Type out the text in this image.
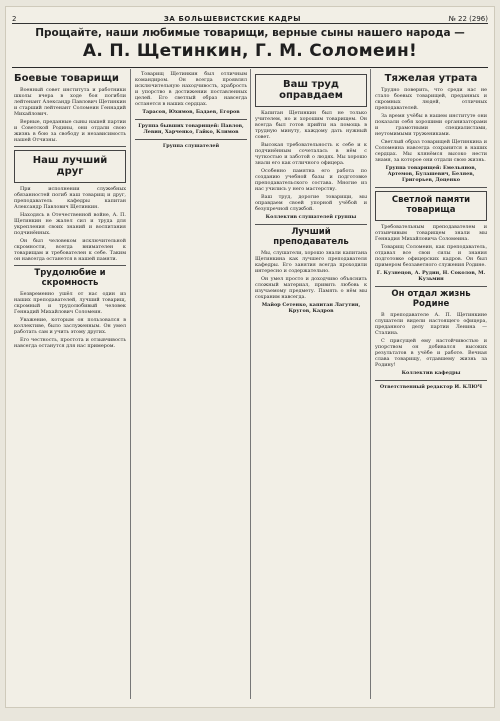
2	ЗА БОЛЬШЕВИСТСКИЕ КАДРЫ	№ 22 (296)
Прощайте, наши любимые товарищи, верные сыны нашего народа —
А. П. Щетинкин, Г. М. Соломеин!
Боевые товарищи

Военный совет института и работники школы вчера в ходе боя погибли лейтенант Александр Павлович Щетинкин и старший лейтенант Соломеин Геннадий Михайлович.

Верные, преданные сыны нашей партии и Советской Родины, они отдали свою жизнь в бою за свободу и независимость нашей Отчизны.

Наш лучший друг

При исполнении служебных обязанностей погиб наш товарищ и друг, преподаватель кафедры капитан Александр Павлович Щетинкин.

Находясь в Отечественной войне, А. П. Щетинкин не жалел сил и труда для укрепления своих знаний и воспитания подчинённых.

Он был человеком исключительной скромности, всегда внимателен к товарищам и требователен к себе. Таким он навсегда останется в нашей памяти.

Трудолюбие и скромность

Безвременно ушёл от нас один из наших преподавателей, лучший товарищ, скромный и трудолюбивый человек Геннадий Михайлович Соломеин.

Уважение, которым он пользовался в коллективе, было заслуженным. Он умел работать сам и учить этому других.

Его честность, простота и отзывчивость навсегда останутся для нас примером.

Товарищ Щетинкин был отличным командиром. Он всегда проявлял исключительную находчивость, храбрость и упорство в достижении поставленных целей. Его светлый образ навсегда останется в наших сердцах.

Тарасов, Юхимов, Бадаев, Егоров

Группа бывших товарищей: Павлов, Левин, Харченко, Гайко, Климов

Группа слушателей

Ваш труд оправдаем

Капитан Щетинкин был не только учителем, но и хорошим товарищем. Он всегда был готов прийти на помощь в трудную минуту, каждому дать нужный совет.

Высокая требовательность к себе и к подчинённым сочеталась в нём с чуткостью и заботой о людях. Мы хорошо знали его как отличного офицера.

Особенно памятна его работа по созданию учебной базы и подготовке преподавательского состава. Многие из нас учились у него мастерству.

Ваш труд, дорогие товарищи, мы оправдаем своей упорной учёбой и безупречной службой.

Коллектив слушателей группы

Лучший преподаватель

Мы, слушатели, хорошо знали капитана Щетинкина как лучшего преподавателя кафедры. Его занятия всегда проходили интересно и содержательно.

Он умел просто и доходчиво объяснить сложный материал, привить любовь к изучаемому предмету. Память о нём мы сохраним навсегда.

Майор Сетенко, капитан Лагутин, Кругов, Кадров

Тяжелая утрата

Трудно поверить, что среди нас не стало боевых товарищей, преданных и скромных людей, отличных преподавателей.

За время учёбы в нашем институте они показали себя хорошими организаторами и грамотными специалистами, неутомимыми тружениками.

Светлый образ товарищей Щетинкина и Соломеина навсегда сохранится в наших сердцах. Мы клянёмся высоко нести знамя, за которое они отдали свою жизнь.

Группа товарищей: Емельянов, Артемов, Булашевич, Беляев, Григорьев, Доценко

Светлой памяти товарища

Требовательным преподавателем и отзывчивым товарищем знали мы Геннадия Михайловича Соломеина.

Товарищ Соломеин, как преподаватель, отдавал все свои силы и знания подготовке офицерских кадров. Он был примером беззаветного служения Родине.

Г. Кузнецов, А. Рудин, Н. Соколов, М. Кузьмин

Он отдал жизнь Родине

В преподавателе А. П. Щетинкине слушатели видели настоящего офицера, преданного делу партии Ленина — Сталина.

С присущей ему настойчивостью и упорством он добивался высоких результатов в учёбе и работе. Вечная слава товарищу, отдавшему жизнь за Родину!

Коллектив кафедры

Ответственный редактор И. КЛЮЧ
